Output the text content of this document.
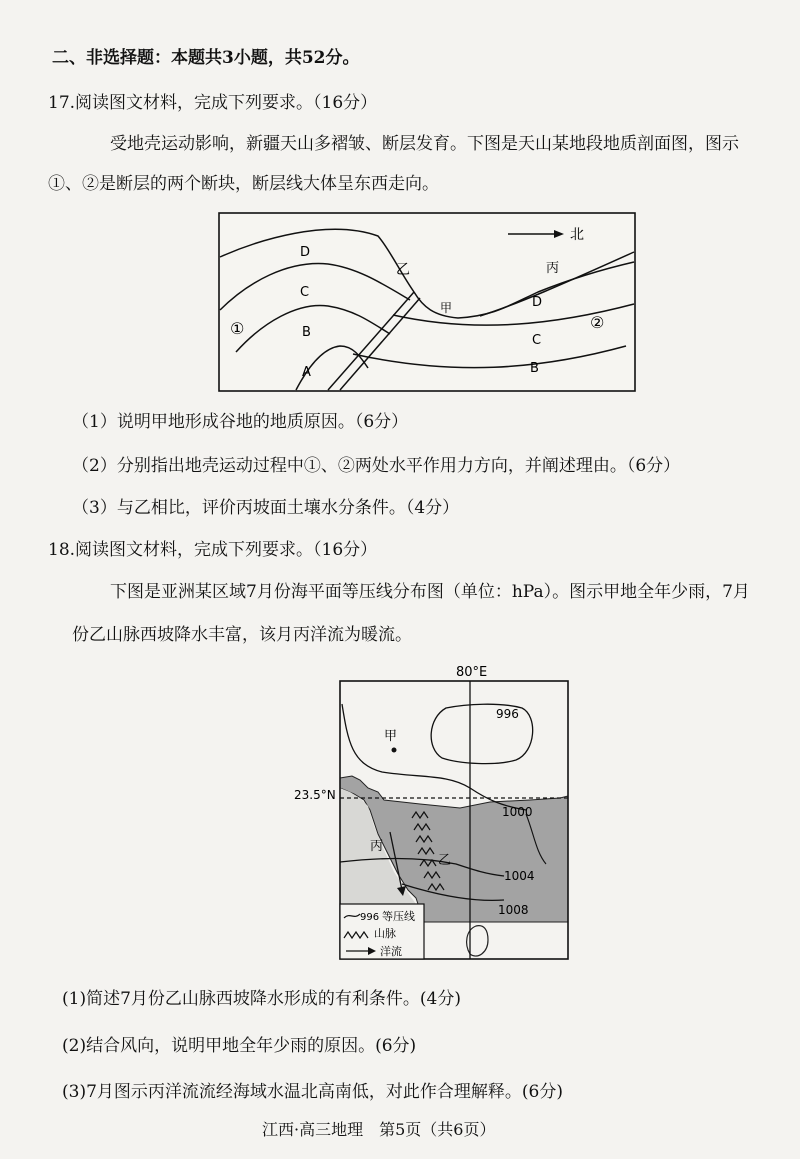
二、非选择题：本题共3小题，共52分。
17.阅读图文材料，完成下列要求。（16分）
受地壳运动影响，新疆天山多褶皱、断层发育。下图是天山某地段地质剖面图，图示
①、②是断层的两个断块，断层线大体呈东西走向。
北
D
C
B
A
乙
甲
丙
D
C
B
①	②
（1）说明甲地形成谷地的地质原因。（6分）
（2）分别指出地壳运动过程中①、②两处水平作用力方向，并阐述理由。（6分）
（3）与乙相比，评价丙坡面土壤水分条件。（4分）
18.阅读图文材料，完成下列要求。（16分）
下图是亚洲某区域7月份海平面等压线分布图（单位：hPa）。图示甲地全年少雨，7月
份乙山脉西坡降水丰富，该月丙洋流为暖流。
80°E
23.5°N
996
1000
1004
1008
甲
丙
乙
996 等压线
山脉
洋流
(1)简述7月份乙山脉西坡降水形成的有利条件。(4分)
(2)结合风向，说明甲地全年少雨的原因。(6分)
(3)7月图示丙洋流流经海域水温北高南低，对此作合理解释。(6分)
江西·高三地理　第5页（共6页）
